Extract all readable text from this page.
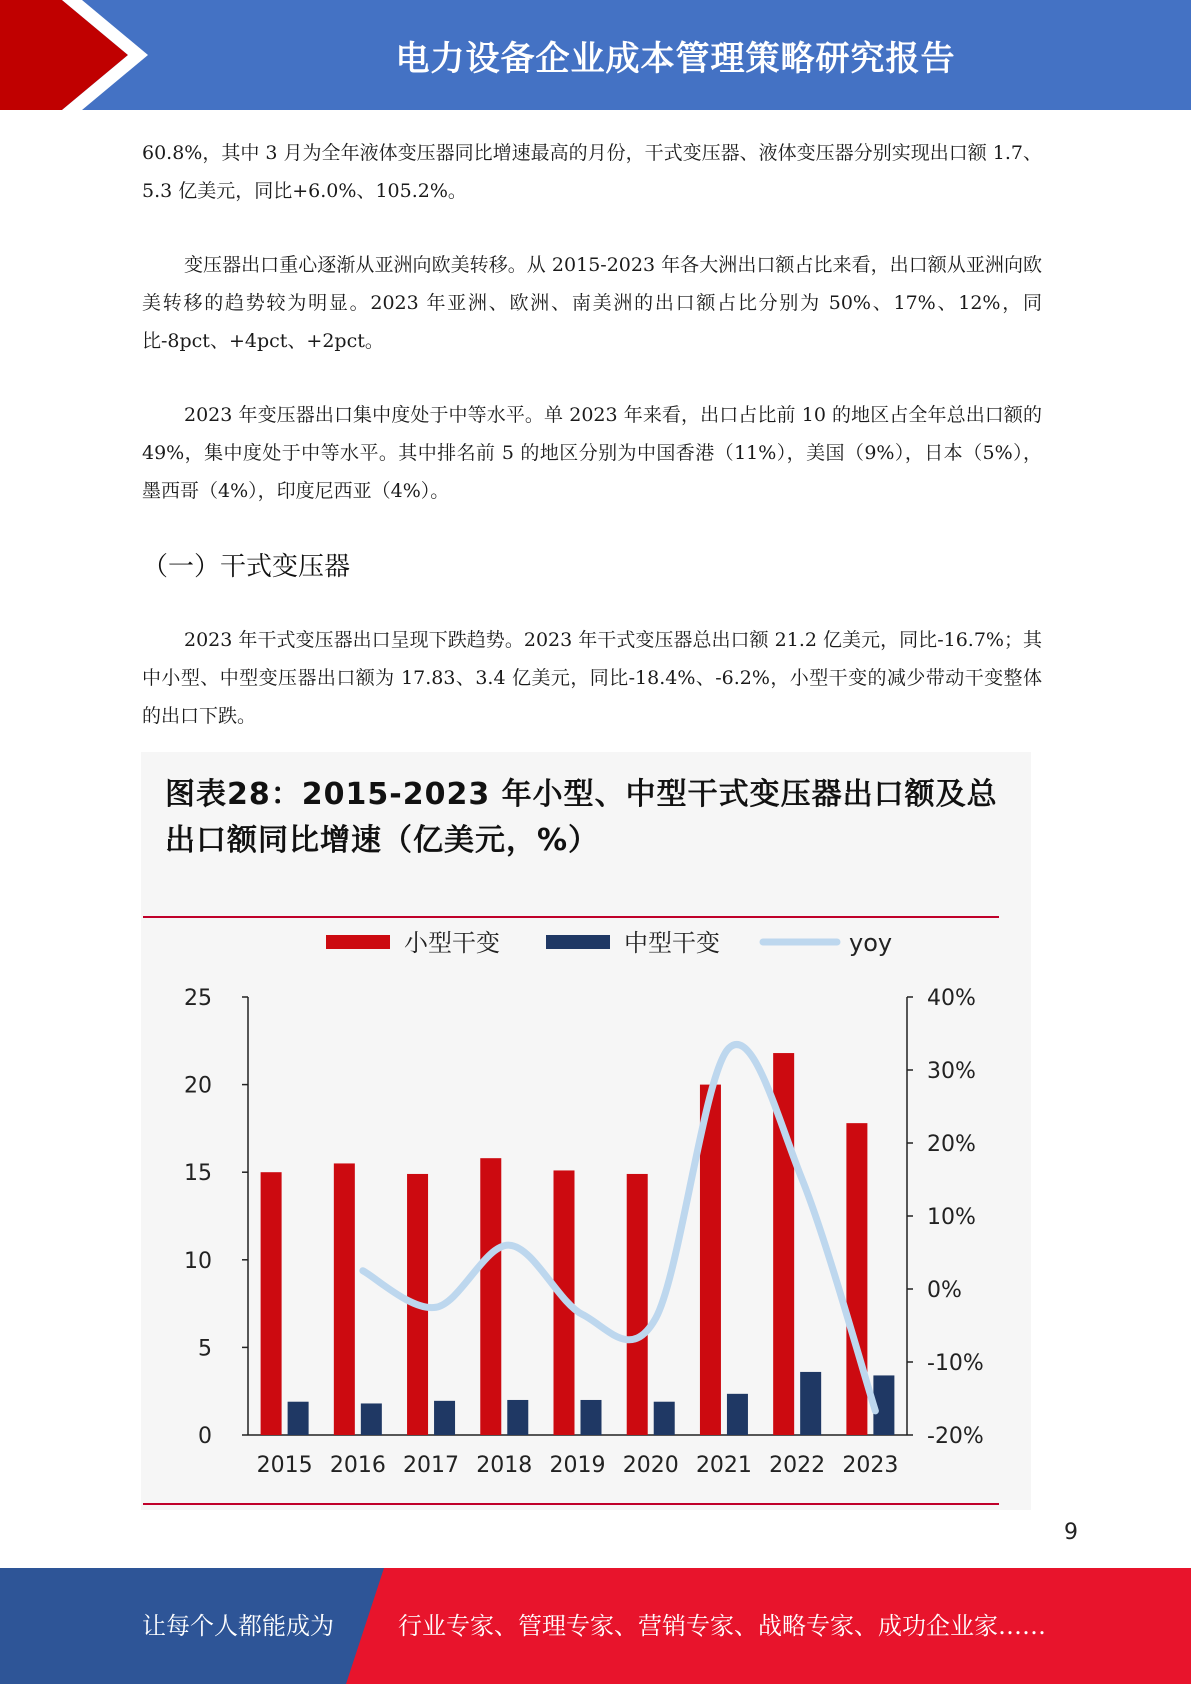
电力设备企业成本管理策略研究报告

60.8%，其中 3 月为全年液体变压器同比增速最高的月份，干式变压器、液体变压器分别实现出口额 1.7、5.3 亿美元，同比+6.0%、105.2%。

变压器出口重心逐渐从亚洲向欧美转移。从 2015-2023 年各大洲出口额占比来看，出口额从亚洲向欧美转移的趋势较为明显。2023 年亚洲、欧洲、南美洲的出口额占比分别为 50%、17%、12%，同比-8pct、+4pct、+2pct。

2023 年变压器出口集中度处于中等水平。单 2023 年来看，出口占比前 10 的地区占全年总出口额的 49%，集中度处于中等水平。其中排名前 5 的地区分别为中国香港（11%），美国（9%），日本（5%），墨西哥（4%），印度尼西亚（4%）。

（一）干式变压器

2023 年干式变压器出口呈现下跌趋势。2023 年干式变压器总出口额 21.2 亿美元，同比-16.7%；其中小型、中型变压器出口额为 17.83、3.4 亿美元，同比-18.4%、-6.2%，小型干变的减少带动干变整体的出口下跌。

图表28：2015-2023 年小型、中型干式变压器出口额及总出口额同比增速（亿美元，%）
小型干变	中型干变	yoy
0
5
10
15
20
25
-20%
-10%
0%
10%
20%
30%
40%
2015 2016 2017 2018 2019 2020 2021 2022 2023
9
让每个人都能成为	行业专家、管理专家、营销专家、战略专家、成功企业家……
